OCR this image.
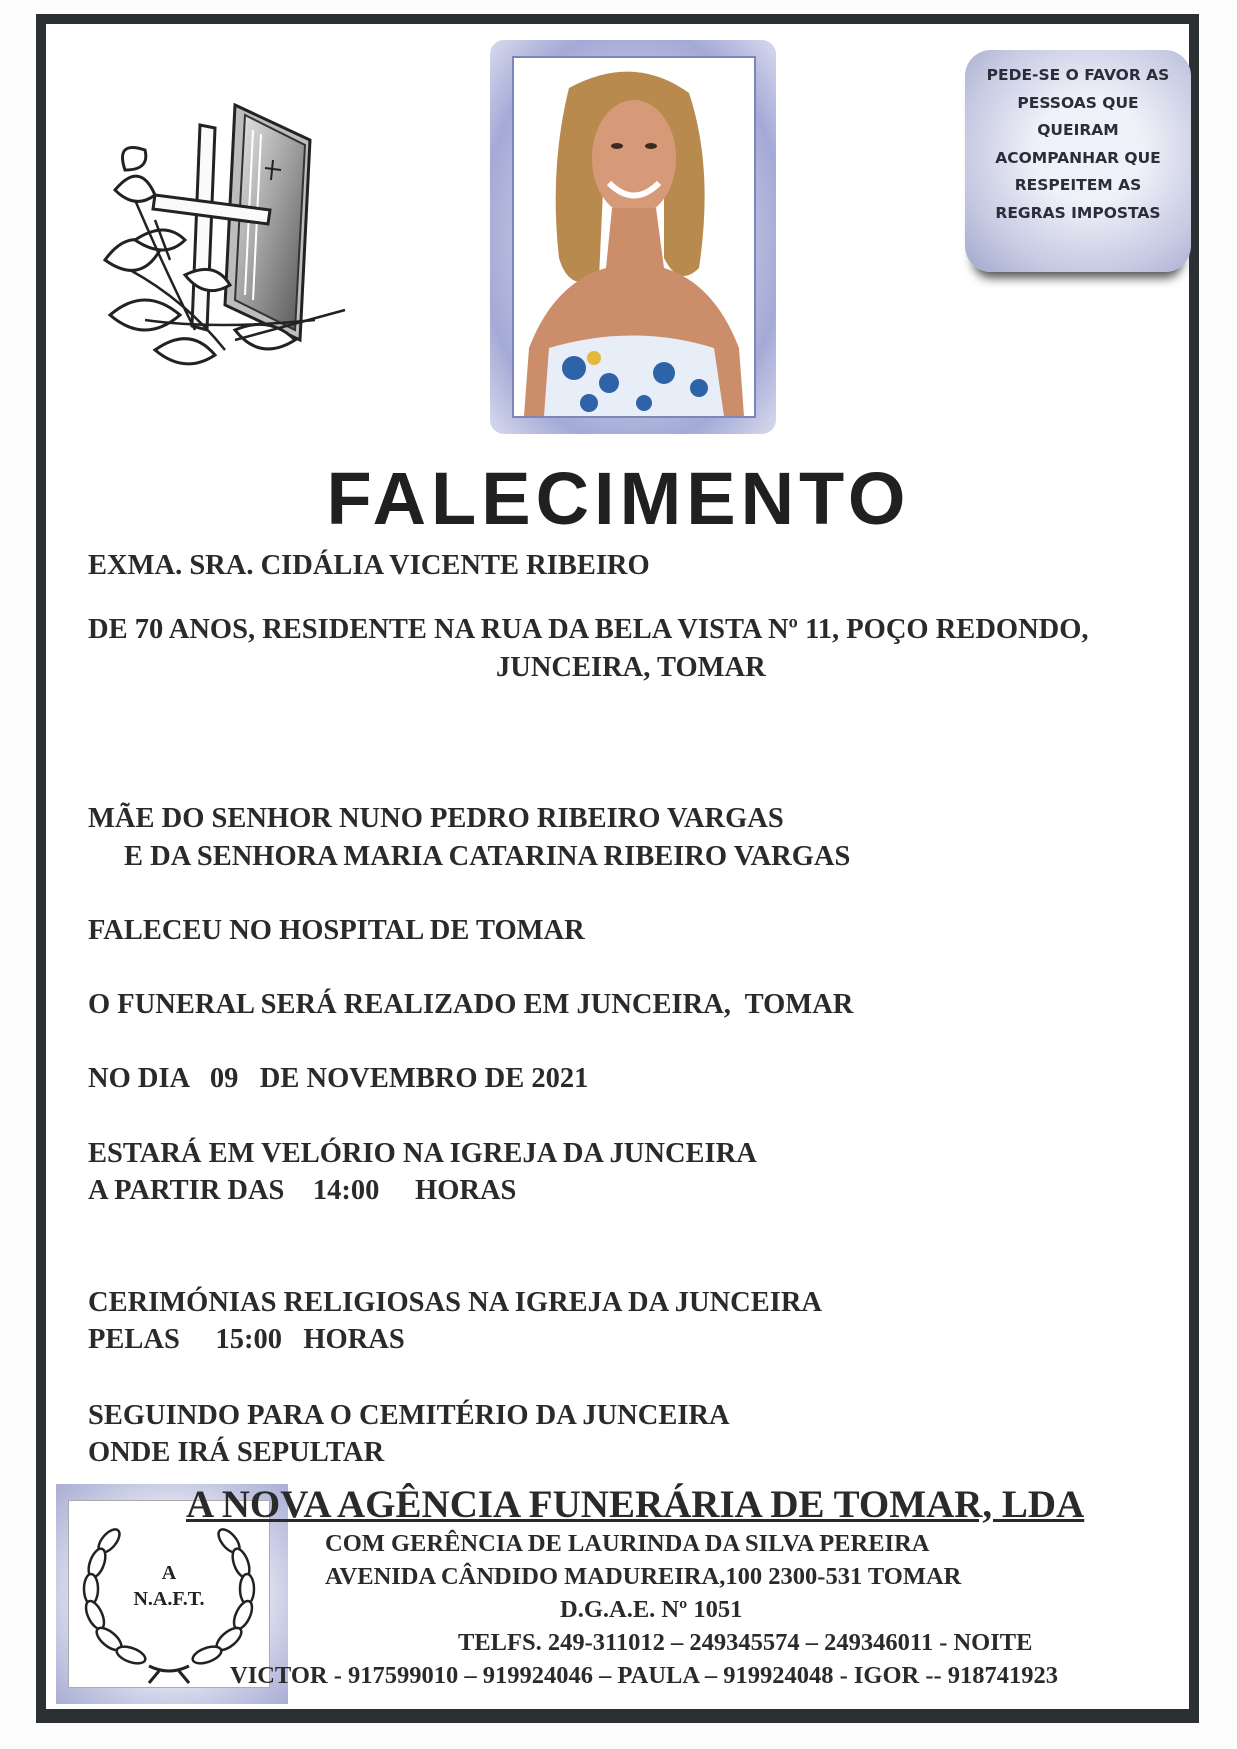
PEDE-SE O FAVOR AS
PESSOAS QUE
QUEIRAM
ACOMPANHAR QUE
RESPEITEM AS
REGRAS IMPOSTAS
FALECIMENTO
EXMA. SRA. CIDÁLIA VICENTE RIBEIRO
DE 70 ANOS, RESIDENTE NA RUA DA BELA VISTA Nº 11, POÇO REDONDO,
JUNCEIRA, TOMAR
MÃE DO SENHOR NUNO PEDRO RIBEIRO VARGAS
E DA SENHORA MARIA CATARINA RIBEIRO VARGAS
FALECEU NO HOSPITAL DE TOMAR
O FUNERAL SERÁ REALIZADO EM JUNCEIRA,  TOMAR
NO DIA   09   DE NOVEMBRO DE 2021
ESTARÁ EM VELÓRIO NA IGREJA DA JUNCEIRA
A PARTIR DAS    14:00     HORAS
CERIMÓNIAS RELIGIOSAS NA IGREJA DA JUNCEIRA
PELAS     15:00   HORAS
SEGUINDO PARA O CEMITÉRIO DA JUNCEIRA
ONDE IRÁ SEPULTAR
A
N.A.F.T.
A NOVA AGÊNCIA FUNERÁRIA DE TOMAR, LDA
COM GERÊNCIA DE LAURINDA DA SILVA PEREIRA
AVENIDA CÂNDIDO MADUREIRA,100 2300-531 TOMAR
D.G.A.E. Nº 1051
TELFS. 249-311012 – 249345574 – 249346011 - NOITE
VICTOR - 917599010 – 919924046 – PAULA – 919924048 - IGOR -- 918741923
